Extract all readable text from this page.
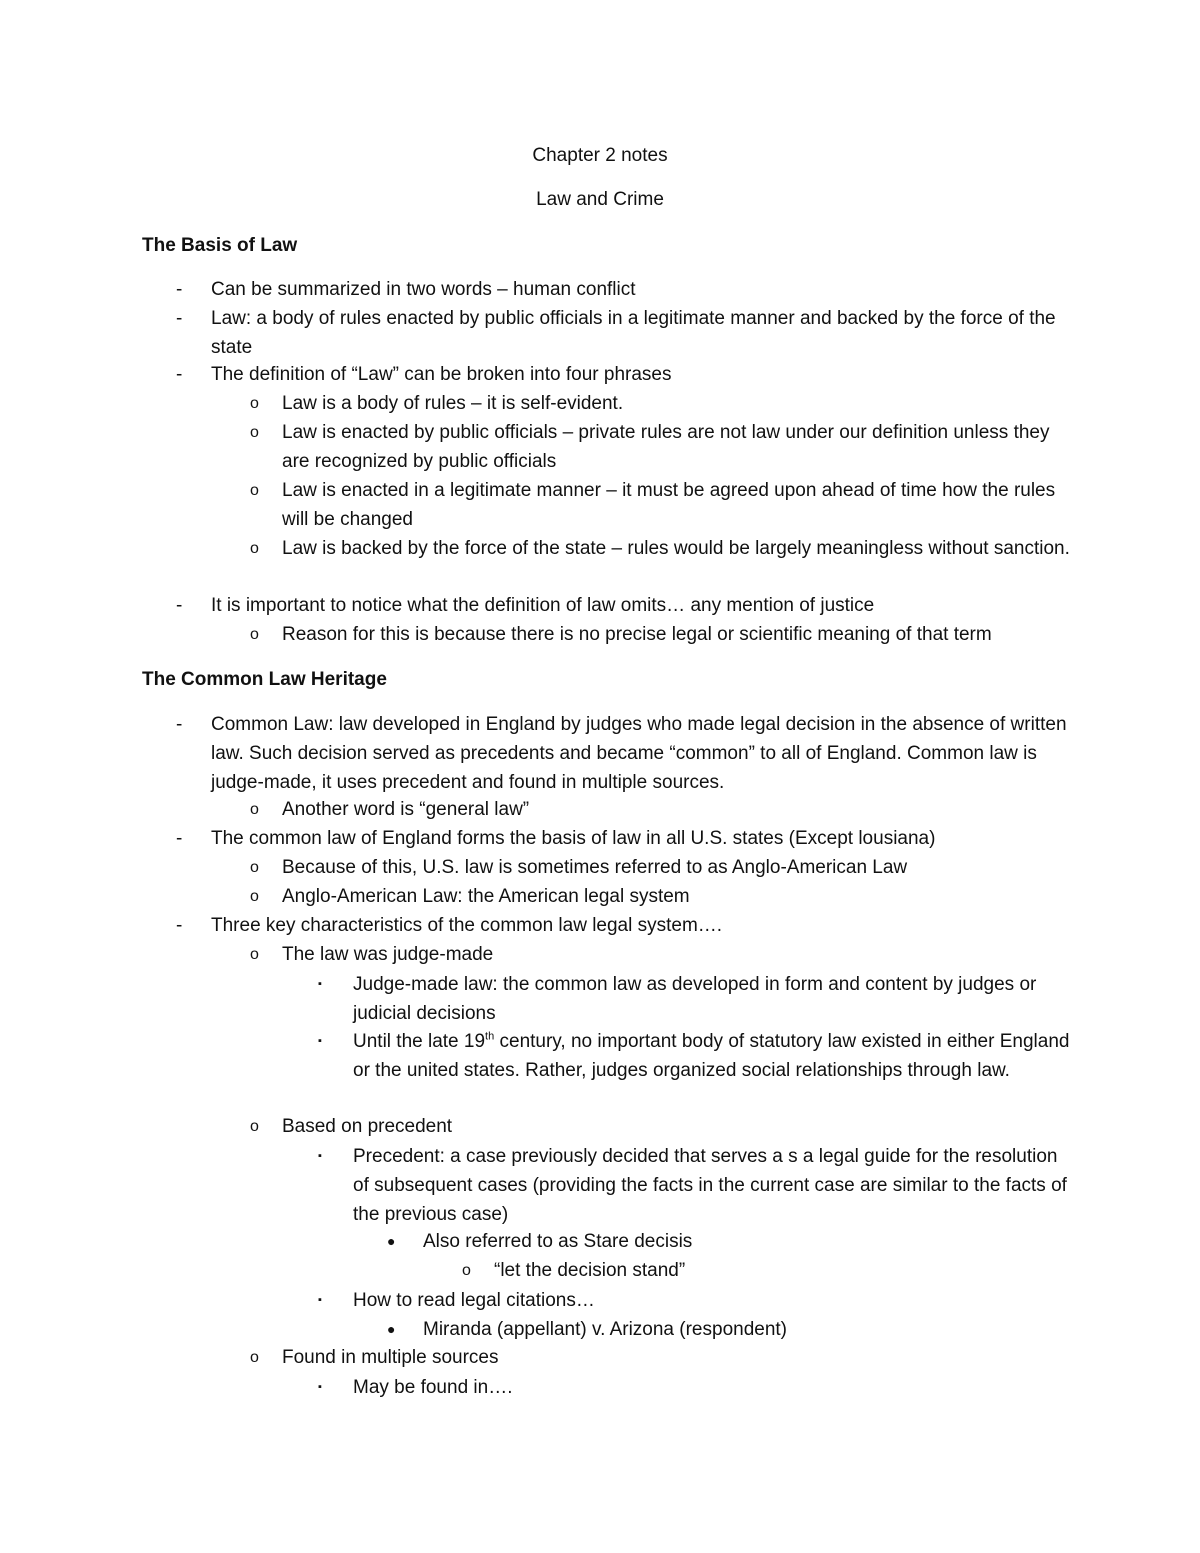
Chapter 2 notes
Law and Crime
The Basis of Law
- Can be summarized in two words – human conflict
- Law: a body of rules enacted by public officials in a legitimate manner and backed by the force of the state
- The definition of “Law” can be broken into four phrases
o Law is a body of rules – it is self-evident.
o Law is enacted by public officials – private rules are not law under our definition unless they are recognized by public officials
o Law is enacted in a legitimate manner – it must be agreed upon ahead of time how the rules will be changed
o Law is backed by the force of the state – rules would be largely meaningless without sanction.
- It is important to notice what the definition of law omits… any mention of justice
o Reason for this is because there is no precise legal or scientific meaning of that term
The Common Law Heritage
- Common Law: law developed in England by judges who made legal decision in the absence of written law. Such decision served as precedents and became “common” to all of England. Common law is judge-made, it uses precedent and found in multiple sources.
o Another word is “general law”
- The common law of England forms the basis of law in all U.S. states (Except lousiana)
o Because of this, U.S. law is sometimes referred to as Anglo-American Law
o Anglo-American Law: the American legal system
- Three key characteristics of the common law legal system….
o The law was judge-made
▪ Judge-made law: the common law as developed in form and content by judges or judicial decisions
▪ Until the late 19th century, no important body of statutory law existed in either England or the united states. Rather, judges organized social relationships through law.
o Based on precedent
▪ Precedent: a case previously decided that serves a s a legal guide for the resolution of subsequent cases (providing the facts in the current case are similar to the facts of the previous case)
● Also referred to as Stare decisis
o “let the decision stand”
▪ How to read legal citations…
● Miranda (appellant) v. Arizona (respondent)
o Found in multiple sources
▪ May be found in….
